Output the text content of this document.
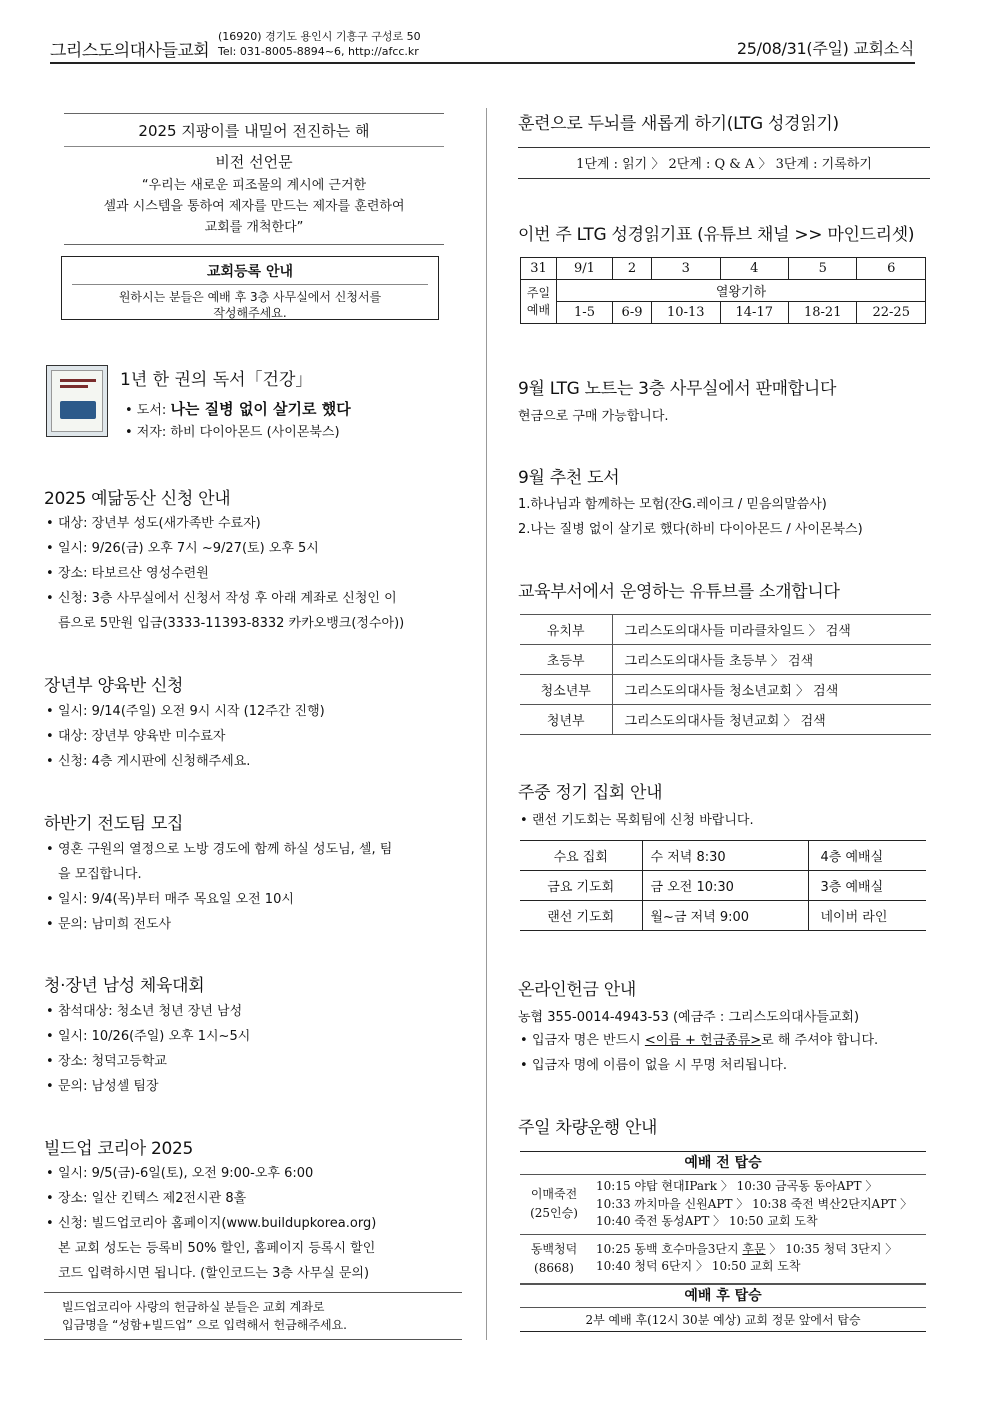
그리스도의대사들교회
(16920) 경기도 용인시 기흥구 구성로 50
Tel: 031-8005-8894~6, http://afcc.kr	25/08/31(주일) 교회소식
2025 지팡이를 내밀어 전진하는 해
비전 선언문
“우리는 새로운 피조물의 계시에 근거한
셀과 시스템을 통하여 제자를 만드는 제자를 훈련하여
교회를 개척한다”
교회등록 안내
원하시는 분들은 예배 후 3층 사무실에서 신청서를
작성해주세요.
1년 한 권의 독서「건강」
• 도서: 나는 질병 없이 살기로 했다
• 저자: 하비 다이아몬드 (사이몬북스)
2025 예닮동산 신청 안내
• 대상: 장년부 성도(새가족반 수료자)
• 일시: 9/26(금) 오후 7시 ~9/27(토) 오후 5시
• 장소: 타보르산 영성수련원
• 신청: 3층 사무실에서 신청서 작성 후 아래 계좌로 신청인 이
름으로 5만원 입금(3333-11393-8332 카카오뱅크(정수아))
장년부 양육반 신청
• 일시: 9/14(주일) 오전 9시 시작 (12주간 진행)
• 대상: 장년부 양육반 미수료자
• 신청: 4층 게시판에 신청해주세요.
하반기 전도팀 모집
• 영혼 구원의 열정으로 노방 경도에 함께 하실 성도님, 셀, 팀
을 모집합니다.
• 일시: 9/4(목)부터 매주 목요일 오전 10시
• 문의: 남미희 전도사
청·장년 남성 체육대회
• 참석대상: 청소년 청년 장년 남성
• 일시: 10/26(주일) 오후 1시~5시
• 장소: 청덕고등학교
• 문의: 남성셀 팀장
빌드업 코리아 2025
• 일시: 9/5(금)-6일(토), 오전 9:00-오후 6:00
• 장소: 일산 킨텍스 제2전시관 8홀
• 신청: 빌드업코리아 홈페이지(www.buildupkorea.org)
본 교회 성도는 등록비 50% 할인, 홈페이지 등록시 할인
코드 입력하시면 됩니다. (할인코드는 3층 사무실 문의)
빌드업코리아 사랑의 헌금하실 분들은 교회 계좌로
입금명을 “성함+빌드업” 으로 입력해서 헌금해주세요.
훈련으로 두뇌를 새롭게 하기(LTG 성경읽기)
1단계 : 읽기 〉 2단계 : Q & A 〉 3단계 : 기록하기
이번 주 LTG 성경읽기표 (유튜브 채널 >> 마인드리셋)
31	9/1	2	3	4	5	6
주일예배	열왕기하					
	1-5	6-9	10-13	14-17	18-21	22-25
9월 LTG 노트는 3층 사무실에서 판매합니다
현금으로 구매 가능합니다.
9월 추천 도서
1.하나님과 함께하는 모험(잔G.레이크 / 믿음의말씀사)
2.나는 질병 없이 살기로 했다(하비 다이아몬드 / 사이몬북스)
교육부서에서 운영하는 유튜브를 소개합니다
유치부	그리스도의대사들 미라클차일드 〉 검색
초등부	그리스도의대사들 초등부 〉 검색
청소년부	그리스도의대사들 청소년교회 〉 검색
청년부	그리스도의대사들 청년교회 〉 검색
주중 정기 집회 안내
• 랜선 기도회는 목회팀에 신청 바랍니다.
수요 집회	수 저녁 8:30	4층 예배실
금요 기도회	금 오전 10:30	3층 예배실
랜선 기도회	월~금 저녁 9:00	네이버 라인
온라인헌금 안내
농협 355-0014-4943-53 (예금주 : 그리스도의대사들교회)
• 입금자 명은 반드시 <이름 + 헌금종류>로 해 주셔야 합니다.
• 입금자 명에 이름이 없을 시 무명 처리됩니다.
주일 차량운행 안내
예배 전 탑승
이매죽전
(25인승)
10:15 야탑 현대IPark 〉 10:30 금곡동 동아APT 〉
10:33 까치마을 신원APT 〉 10:38 죽전 벽산2단지APT 〉
10:40 죽전 동성APT 〉 10:50 교회 도착
동백청덕
(8668)
10:25 동백 호수마을3단지 후문 〉 10:35 청덕 3단지 〉
10:40 청덕 6단지 〉 10:50 교회 도착
예배 후 탑승
2부 예배 후(12시 30분 예상) 교회 정문 앞에서 탑승
